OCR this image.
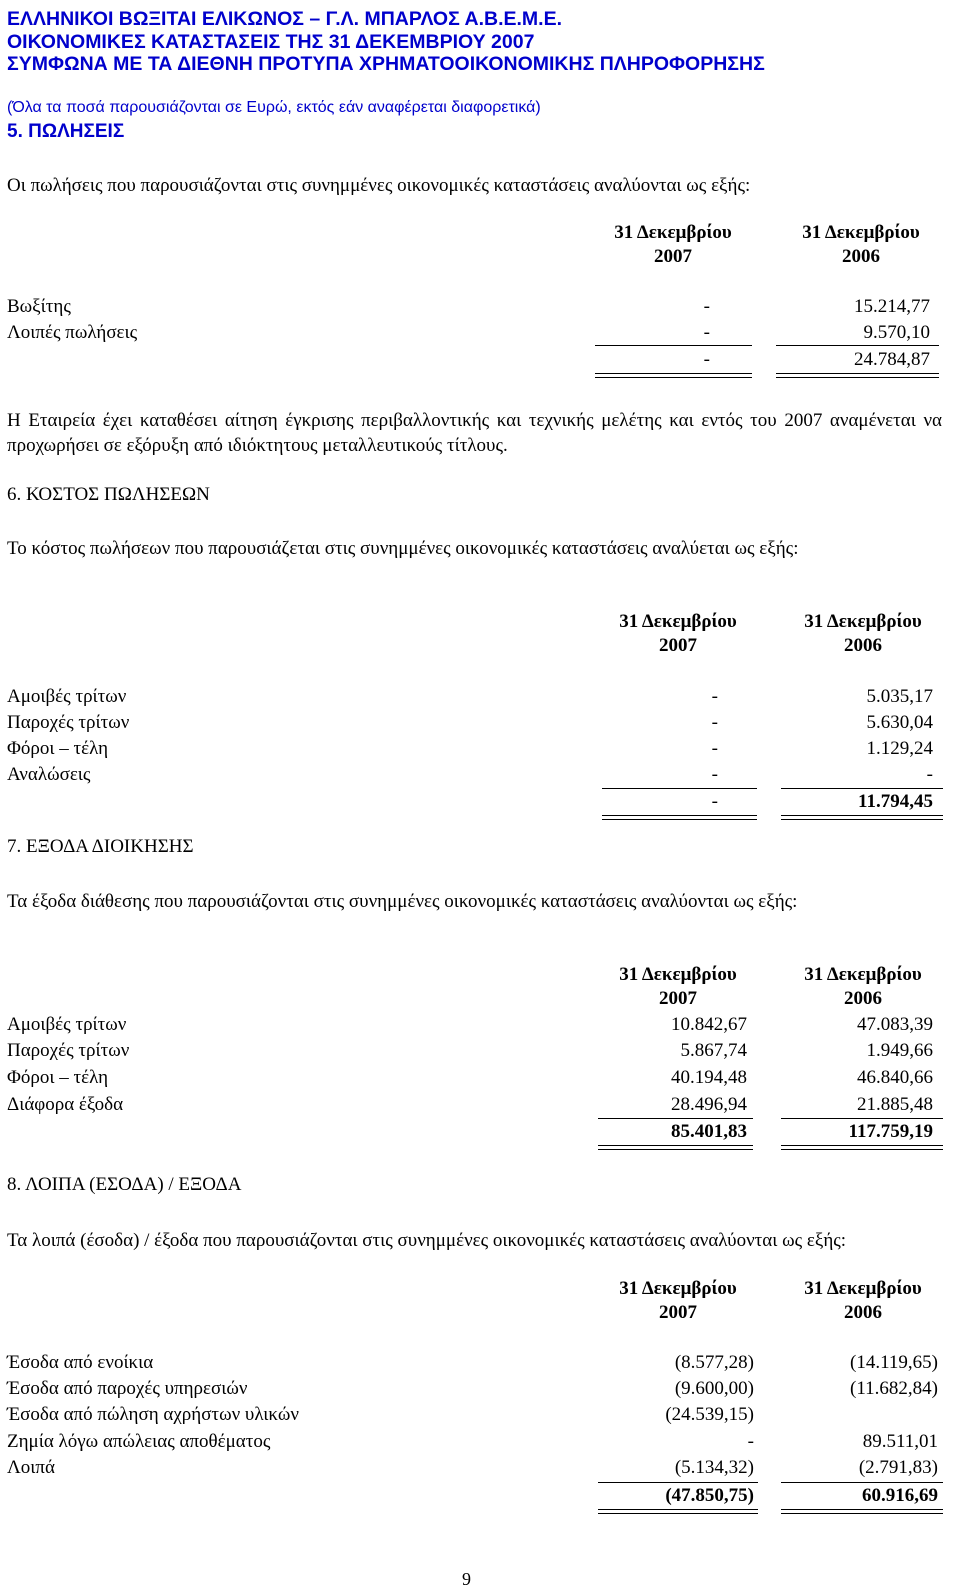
ΕΛΛΗΝΙΚΟΙ ΒΩΞΙΤΑΙ ΕΛΙΚΩΝΟΣ – Γ.Λ. ΜΠΑΡΛΟΣ Α.Β.Ε.Μ.Ε.
ΟΙΚΟΝΟΜΙΚΕΣ ΚΑΤΑΣΤΑΣΕΙΣ ΤΗΣ 31 ΔΕΚΕΜΒΡΙΟΥ 2007
ΣΥΜΦΩΝΑ ΜΕ ΤΑ ΔΙΕΘΝΗ ΠΡΟΤΥΠΑ ΧΡΗΜΑΤΟΟΙΚΟΝΟΜΙΚΗΣ ΠΛΗΡΟΦΟΡΗΣΗΣ
(Όλα τα ποσά παρουσιάζονται σε Ευρώ, εκτός εάν αναφέρεται διαφορετικά)
5. ΠΩΛΗΣΕΙΣ
Οι πωλήσεις που παρουσιάζονται στις συνημμένες οικονομικές καταστάσεις αναλύονται ως εξής:
31 Δεκεμβρίου
2007
31 Δεκεμβρίου
2006
Βωξίτης	-	15.214,77
Λοιπές πωλήσεις	-	9.570,10
-	24.784,87
Η Εταιρεία έχει καταθέσει αίτηση έγκρισης περιβαλλοντικής και τεχνικής μελέτης και εντός του 2007 αναμένεται να προχωρήσει σε εξόρυξη από ιδιόκτητους μεταλλευτικούς τίτλους.
6. ΚΟΣΤΟΣ ΠΩΛΗΣΕΩΝ
Το κόστος πωλήσεων που παρουσιάζεται στις συνημμένες οικονομικές καταστάσεις αναλύεται ως εξής:
31 Δεκεμβρίου
2007
31 Δεκεμβρίου
2006
Αμοιβές τρίτων	-	5.035,17
Παροχές τρίτων	-	5.630,04
Φόροι – τέλη	-	1.129,24
Αναλώσεις	-	-
-	11.794,45
7. ΕΞΟΔΑ ΔΙΟΙΚΗΣΗΣ
Τα έξοδα διάθεσης που παρουσιάζονται στις συνημμένες οικονομικές καταστάσεις αναλύονται ως εξής:
31 Δεκεμβρίου
2007
31 Δεκεμβρίου
2006
Αμοιβές τρίτων	10.842,67	47.083,39
Παροχές τρίτων	5.867,74	1.949,66
Φόροι – τέλη	40.194,48	46.840,66
Διάφορα έξοδα	28.496,94	21.885,48
85.401,83	117.759,19
8. ΛΟΙΠΑ (ΕΣΟΔΑ) / ΕΞΟΔΑ
Τα λοιπά (έσοδα) / έξοδα που παρουσιάζονται στις συνημμένες οικονομικές καταστάσεις αναλύονται ως εξής:
31 Δεκεμβρίου
2007
31 Δεκεμβρίου
2006
Έσοδα από ενοίκια	(8.577,28)	(14.119,65)
Έσοδα από παροχές υπηρεσιών	(9.600,00)	(11.682,84)
Έσοδα από πώληση αχρήστων υλικών	(24.539,15)
Ζημία λόγω απώλειας αποθέματος	-	89.511,01
Λοιπά	(5.134,32)	(2.791,83)
(47.850,75)	60.916,69
9
